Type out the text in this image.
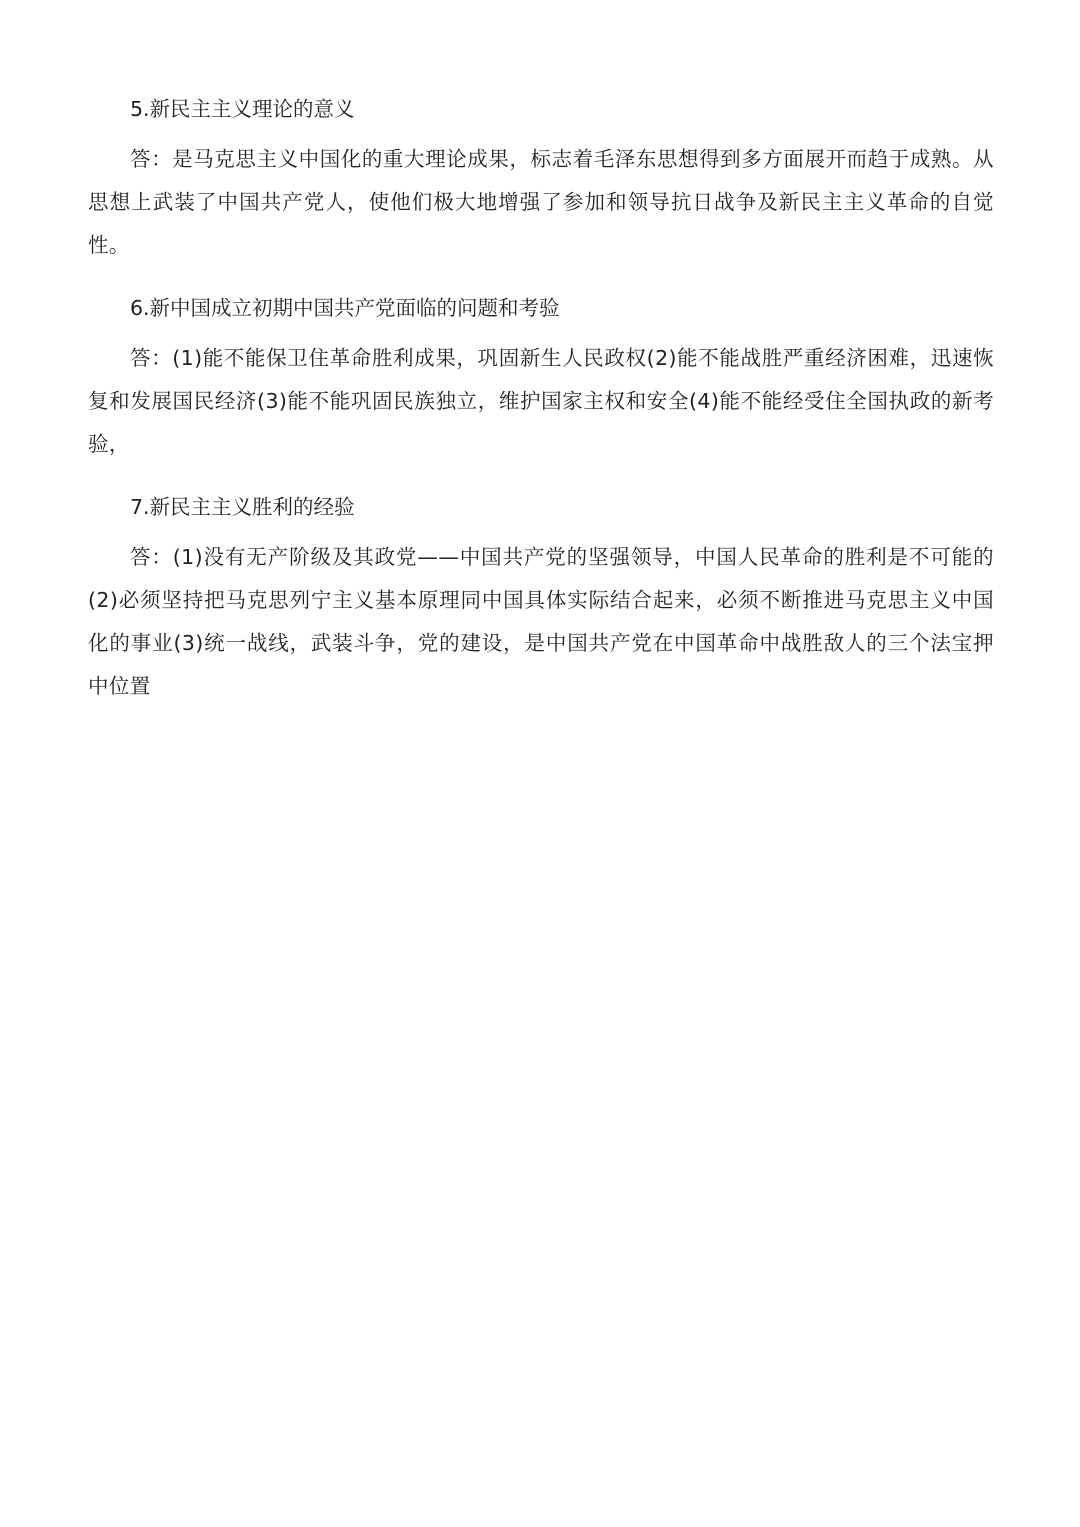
5.新民主主义理论的意义

答：是马克思主义中国化的重大理论成果，标志着毛泽东思想得到多方面展开而趋于成熟。从思想上武装了中国共产党人，使他们极大地增强了参加和领导抗日战争及新民主主义革命的自觉性。

6.新中国成立初期中国共产党面临的问题和考验

答：(1)能不能保卫住革命胜利成果，巩固新生人民政权(2)能不能战胜严重经济困难，迅速恢复和发展国民经济(3)能不能巩固民族独立，维护国家主权和安全(4)能不能经受住全国执政的新考验，

7.新民主主义胜利的经验

答：(1)没有无产阶级及其政党——中国共产党的坚强领导，中国人民革命的胜利是不可能的(2)必须坚持把马克思列宁主义基本原理同中国具体实际结合起来，必须不断推进马克思主义中国化的事业(3)统一战线，武装斗争，党的建设，是中国共产党在中国革命中战胜敌人的三个法宝押中位置
